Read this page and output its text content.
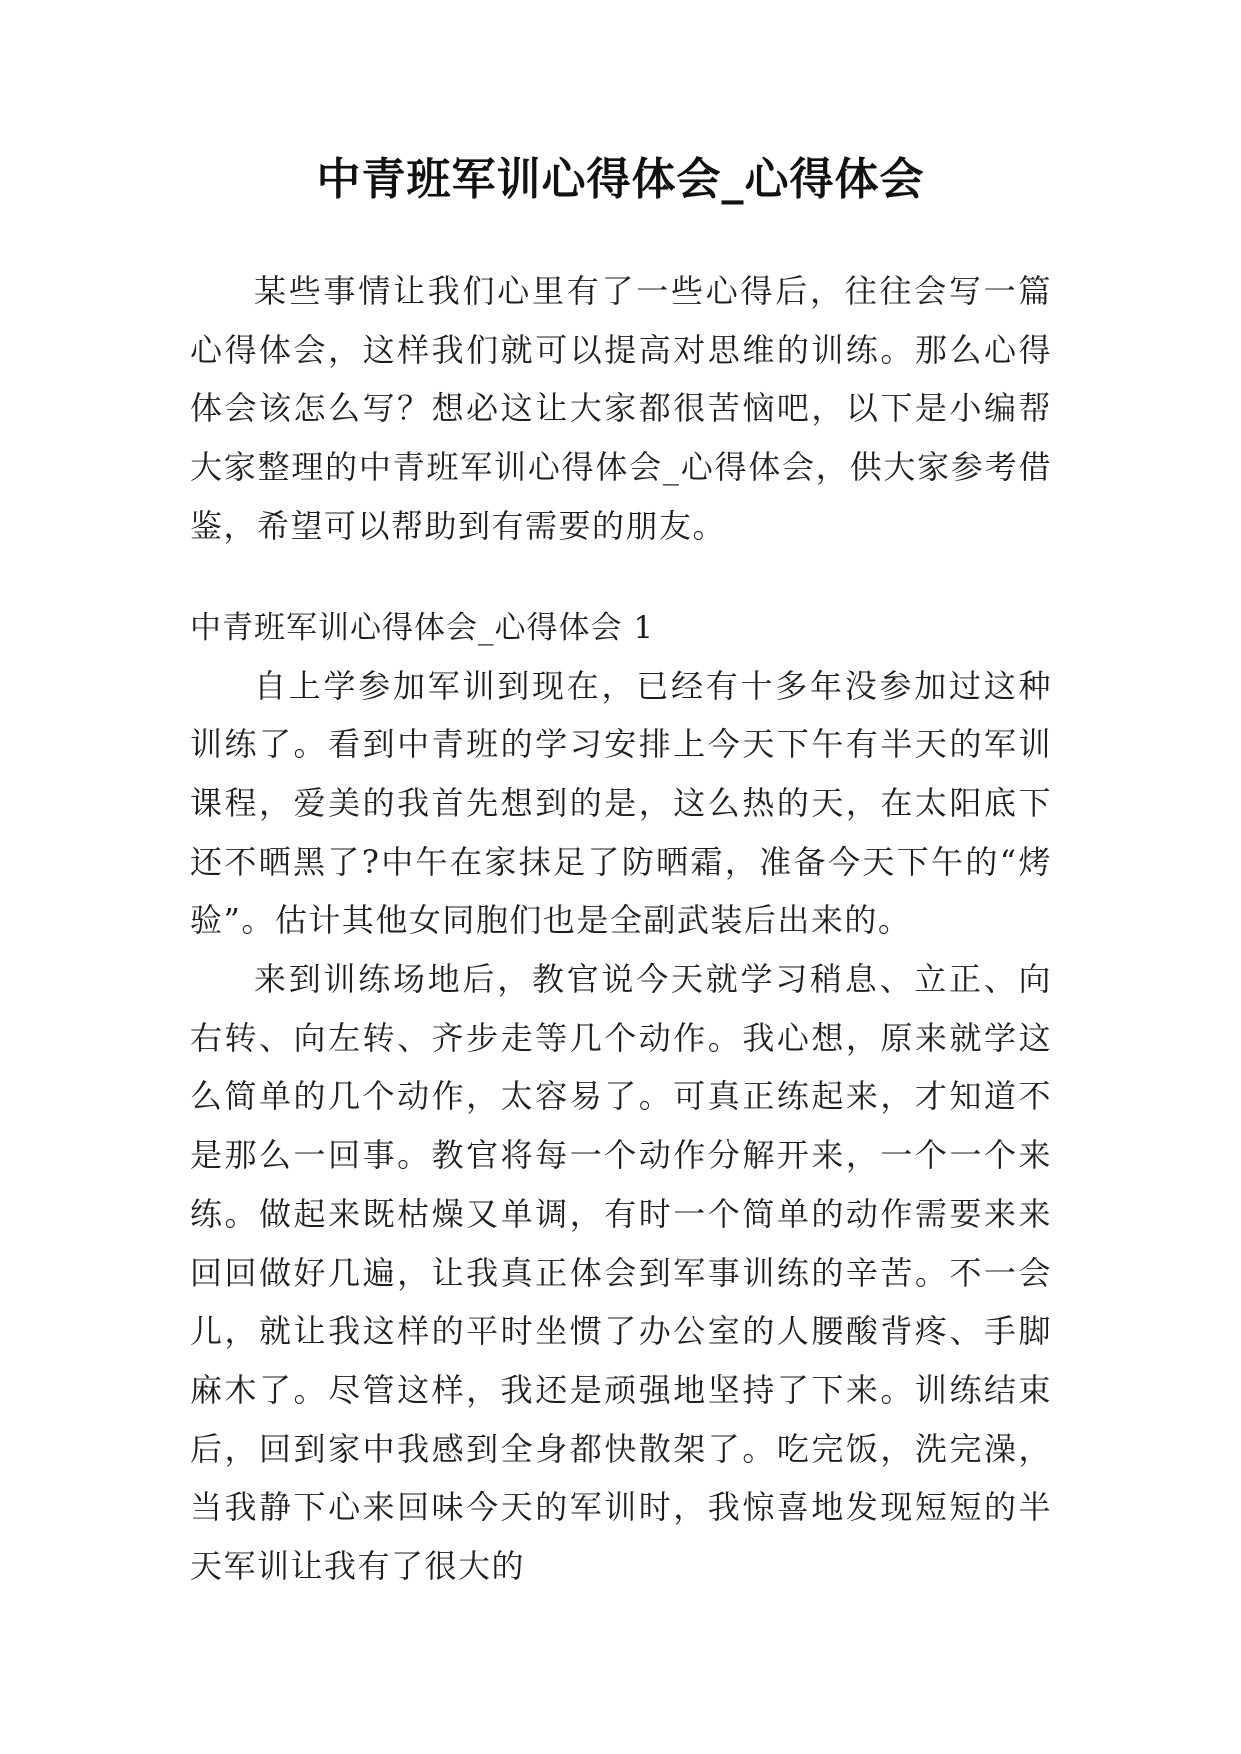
中青班军训心得体会_心得体会

某些事情让我们心里有了一些心得后，往往会写一篇心得体会，这样我们就可以提高对思维的训练。那么心得体会该怎么写？想必这让大家都很苦恼吧，以下是小编帮大家整理的中青班军训心得体会_心得体会，供大家参考借鉴，希望可以帮助到有需要的朋友。

中青班军训心得体会_心得体会 1

自上学参加军训到现在，已经有十多年没参加过这种训练了。看到中青班的学习安排上今天下午有半天的军训课程，爱美的我首先想到的是，这么热的天，在太阳底下还不晒黑了?中午在家抹足了防晒霜，准备今天下午的“烤验”。估计其他女同胞们也是全副武装后出来的。

来到训练场地后，教官说今天就学习稍息、立正、向右转、向左转、齐步走等几个动作。我心想，原来就学这么简单的几个动作，太容易了。可真正练起来，才知道不是那么一回事。教官将每一个动作分解开来，一个一个来练。做起来既枯燥又单调，有时一个简单的动作需要来来回回做好几遍，让我真正体会到军事训练的辛苦。不一会儿，就让我这样的平时坐惯了办公室的人腰酸背疼、手脚麻木了。尽管这样，我还是顽强地坚持了下来。训练结束后，回到家中我感到全身都快散架了。吃完饭，洗完澡，当我静下心来回味今天的军训时，我惊喜地发现短短的半天军训让我有了很大的
